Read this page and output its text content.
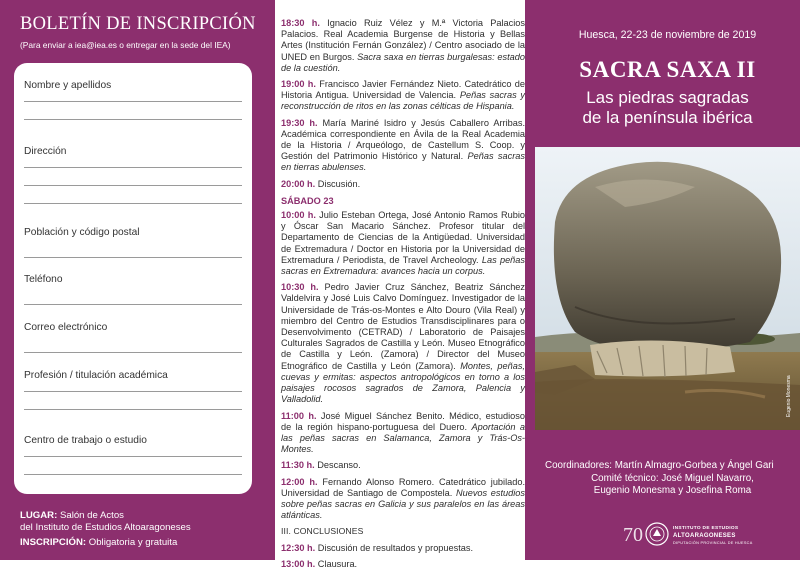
BOLETÍN DE INSCRIPCIÓN
(Para enviar a iea@iea.es o entregar en la sede del IEA)
Nombre y apellidos
Dirección
Población y código postal
Teléfono
Correo electrónico
Profesión / titulación académica
Centro de trabajo o estudio
LUGAR: Salón de Actos
del Instituto de Estudios Altoaragoneses
INSCRIPCIÓN: Obligatoria y gratuita
18:30 h. Ignacio Ruiz Vélez y M.ª Victoria Palacios Palacios. Real Academia Burgense de Historia y Bellas Artes (Institución Fernán González) / Centro asociado de la UNED en Burgos. Sacra saxa en tierras burgalesas: estado de la cuestión.
19:00 h. Francisco Javier Fernández Nieto. Catedrático de Historia Antigua. Universidad de Valencia. Peñas sacras y reconstrucción de ritos en las zonas célticas de Hispania.
19:30 h. María Mariné Isidro y Jesús Caballero Arribas. Académica correspondiente en Ávila de la Real Academia de la Historia / Arqueólogo, de Castellum S. Coop. y Gestión del Patrimonio Histórico y Natural. Peñas sacras en tierras abulenses.
20:00 h. Discusión.
SÁBADO 23
10:00 h. Julio Esteban Ortega, José Antonio Ramos Rubio y Óscar San Macario Sánchez. Profesor titular del Departamento de Ciencias de la Antigüedad. Universidad de Extremadura / Doctor en Historia por la Universidad de Extremadura / Periodista, de Travel Archeology. Las peñas sacras en Extremadura: avances hacia un corpus.
10:30 h. Pedro Javier Cruz Sánchez, Beatriz Sánchez Valdelvira y José Luis Calvo Domínguez. Investigador de la Universidade de Trás-os-Montes e Alto Douro (Vila Real) y miembro del Centro de Estudios Transdisciplinares para o Desenvolvimento (CETRAD) / Laboratorio de Paisajes Culturales Sagrados de Castilla y León. Museo Etnográfico de Castilla y León. (Zamora) / Director del Museo Etnográfico de Castilla y León (Zamora). Montes, peñas, cuevas y ermitas: aspectos antropológicos en torno a los paisajes rocosos sagrados de Zamora, Palencia y Valladolid.
11:00 h. José Miguel Sánchez Benito. Médico, estudioso de la región hispano-portuguesa del Duero. Aportación a las peñas sacras en Salamanca, Zamora y Trás-Os-Montes.
11:30 h. Descanso.
12:00 h. Fernando Alonso Romero. Catedrático jubilado. Universidad de Santiago de Compostela. Nuevos estudios sobre peñas sacras en Galicia y sus paralelos en las áreas atlánticas.
III. CONCLUSIONES
12:30 h. Discusión de resultados y propuestas.
13:00 h. Clausura.
Huesca, 22-23 de noviembre de 2019
SACRA SAXA II
Las piedras sagradas
de la península ibérica
Eugenio Monesma
Coordinadores: Martín Almagro-Gorbea y Ángel Gari
Comité técnico: José Miguel Navarro,
Eugenio Monesma y Josefina Roma
70	INSTITUTO DE ESTUDIOS
ALTOARAGONESES
DIPUTACIÓN PROVINCIAL DE HUESCA
